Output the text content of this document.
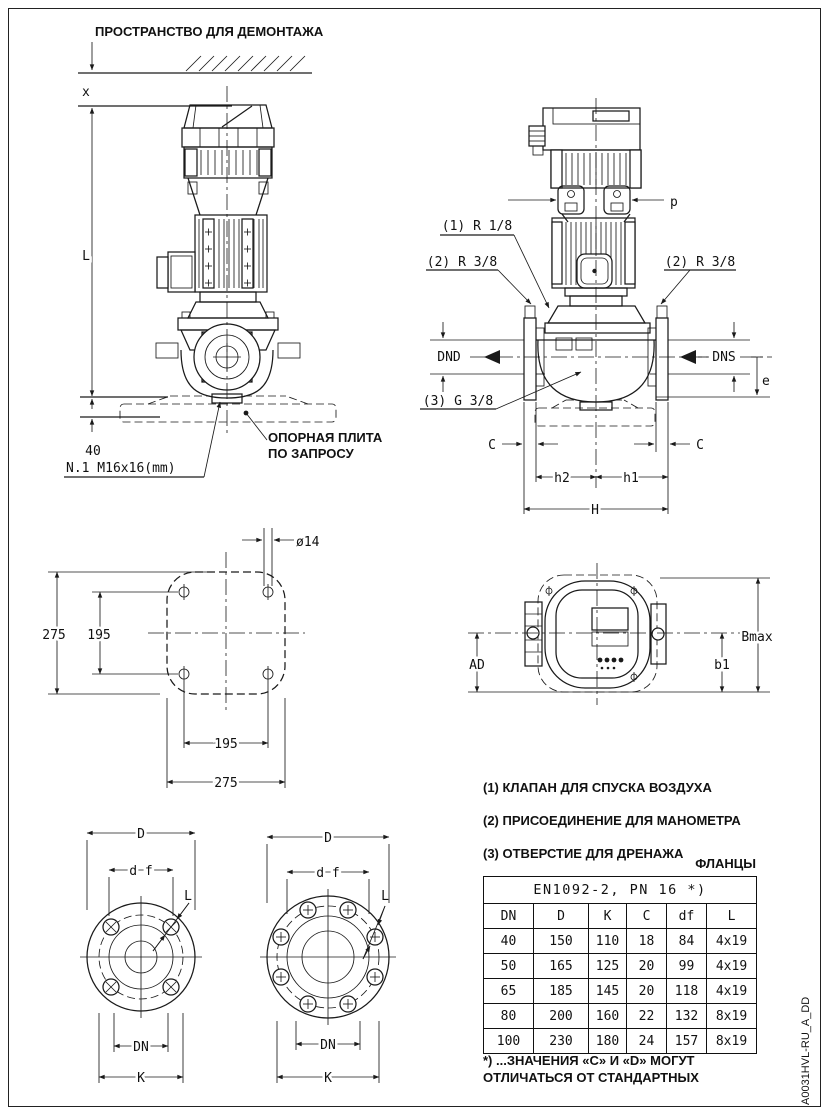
x
L
40
N.1 M16x16(mm)
p
(1) R 1/8
(2) R 3/8	(2) R 3/8
(3) G 3/8
DND	DNS
e
C	C
h2	h1
H
ø14
275 195
195
275
AD
Bmax
b1
D
d f
L
DN
K
D
d f
L
DN
K
ПРОСТРАНСТВО ДЛЯ ДЕМОНТАЖА
ОПОРНАЯ ПЛИТА
ПО ЗАПРОСУ
(1) КЛАПАН ДЛЯ СПУСКА ВОЗДУХА
(2) ПРИСОЕДИНЕНИЕ ДЛЯ МАНОМЕТРА
(3) ОТВЕРСТИЕ ДЛЯ ДРЕНАЖА
ФЛАНЦЫ
EN1092-2, PN 16 *)					
DN	D	K	C	df	L
40	150	110	18	84	4x19
50	165	125	20	99	4x19
65	185	145	20	118	4x19
80	200	160	22	132	8x19
100	230	180	24	157	8x19
*) ...ЗНАЧЕНИЯ «С» И «D» МОГУТ
ОТЛИЧАТЬСЯ ОТ СТАНДАРТНЫХ	A0031HVL-RU_A_DD
